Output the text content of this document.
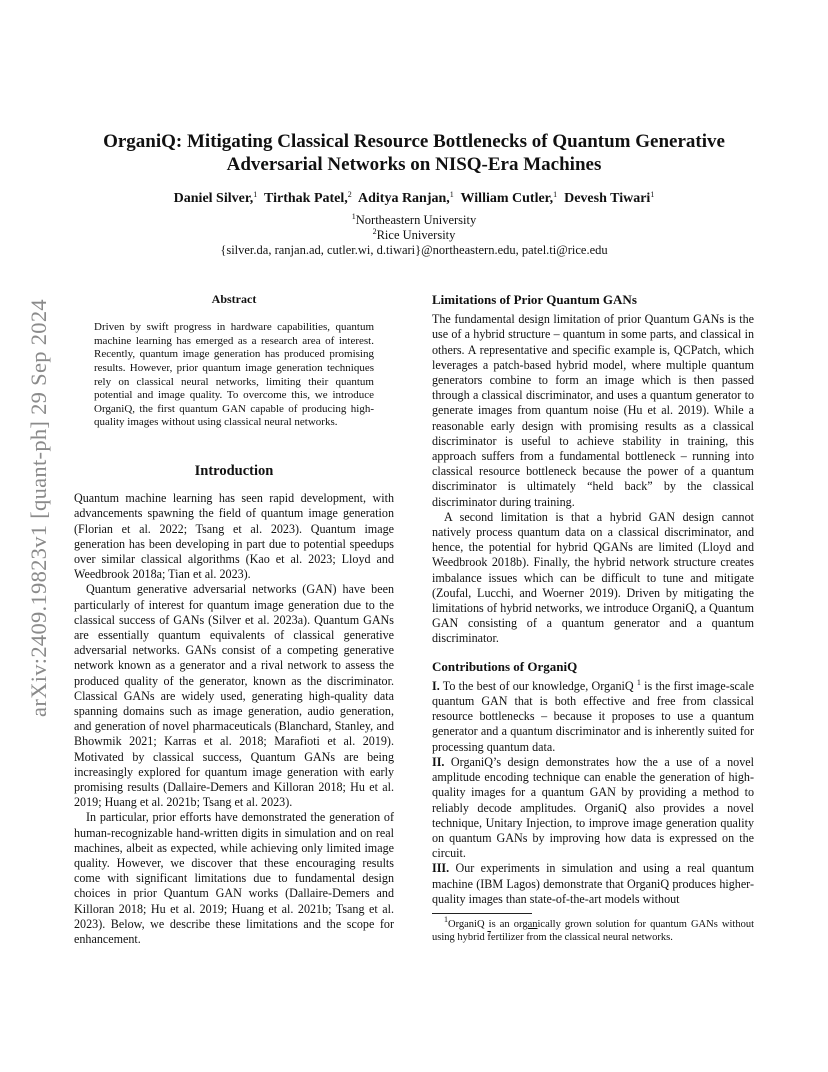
arXiv:2409.19823v1 [quant-ph] 29 Sep 2024
OrganiQ: Mitigating Classical Resource Bottlenecks of Quantum Generative
Adversarial Networks on NISQ-Era Machines
Daniel Silver,$^1$ Tirthak Patel,$^2$ Aditya Ranjan,$^1$ William Cutler,$^1$ Devesh Tiwari$^1$
$^1$Northeastern University
$^2$Rice University
{silver.da, ranjan.ad, cutler.wi, d.tiwari}@northeastern.edu, patel.ti@rice.edu
Abstract

Driven by swift progress in hardware capabilities, quantum machine learning has emerged as a research area of interest. Recently, quantum image generation has produced promising results. However, prior quantum image generation techniques rely on classical neural networks, limiting their quantum potential and image quality. To overcome this, we introduce OrganiQ, the first quantum GAN capable of producing high-quality images without using classical neural networks.

Introduction

Quantum machine learning has seen rapid development, with advancements spawning the field of quantum image generation (Florian et al. 2022; Tsang et al. 2023). Quantum image generation has been developing in part due to potential speedups over similar classical algorithms (Kao et al. 2023; Lloyd and Weedbrook 2018a; Tian et al. 2023).

Quantum generative adversarial networks (GAN) have been particularly of interest for quantum image generation due to the classical success of GANs (Silver et al. 2023a). Quantum GANs are essentially quantum equivalents of classical generative adversarial networks. GANs consist of a competing generative network known as a generator and a rival network to assess the produced quality of the generator, known as the discriminator. Classical GANs are widely used, generating high-quality data spanning domains such as image generation, audio generation, and generation of novel pharmaceuticals (Blanchard, Stanley, and Bhowmik 2021; Karras et al. 2018; Marafioti et al. 2019). Motivated by classical success, Quantum GANs are being increasingly explored for quantum image generation with early promising results (Dallaire-Demers and Killoran 2018; Hu et al. 2019; Huang et al. 2021b; Tsang et al. 2023).

In particular, prior efforts have demonstrated the generation of human-recognizable hand-written digits in simulation and on real machines, albeit as expected, while achieving only limited image quality. However, we discover that these encouraging results come with significant limitations due to fundamental design choices in prior Quantum GAN works (Dallaire-Demers and Killoran 2018; Hu et al. 2019; Huang et al. 2021b; Tsang et al. 2023). Below, we describe these limitations and the scope for enhancement.

Limitations of Prior Quantum GANs

The fundamental design limitation of prior Quantum GANs is the use of a hybrid structure – quantum in some parts, and classical in others. A representative and specific example is, QCPatch, which leverages a patch-based hybrid model, where multiple quantum generators combine to form an image which is then passed through a classical discriminator, and uses a quantum generator to generate images from quantum noise (Hu et al. 2019). While a reasonable early design with promising results as a classical discriminator is useful to achieve stability in training, this approach suffers from a fundamental bottleneck – running into classical resource bottleneck because the power of a quantum discriminator is ultimately “held back” by the classical discriminator during training.

A second limitation is that a hybrid GAN design cannot natively process quantum data on a classical discriminator, and hence, the potential for hybrid QGANs are limited (Lloyd and Weedbrook 2018b). Finally, the hybrid network structure creates imbalance issues which can be difficult to tune and mitigate (Zoufal, Lucchi, and Woerner 2019). Driven by mitigating the limitations of hybrid networks, we introduce OrganiQ, a Quantum GAN consisting of a quantum generator and a quantum discriminator.

Contributions of OrganiQ

I. To the best of our knowledge, OrganiQ $^1$ is the first image-scale quantum GAN that is both effective and free from classical resource bottlenecks – because it proposes to use a quantum generator and a quantum discriminator and is inherently suited for processing quantum data.

II. OrganiQ’s design demonstrates how the a use of a novel amplitude encoding technique can enable the generation of high-quality images for a quantum GAN by providing a method to reliably decode amplitudes. OrganiQ also provides a novel technique, Unitary Injection, to improve image generation quality on quantum GANs by improving how data is expressed on the circuit.

III. Our experiments in simulation and using a real quantum machine (IBM Lagos) demonstrate that OrganiQ produces higher-quality images than state-of-the-art models without

$^1$OrganiQ is an organically grown solution for quantum GANs without using hybrid $\overline{f}ertilizer$ from the classical neural networks.
